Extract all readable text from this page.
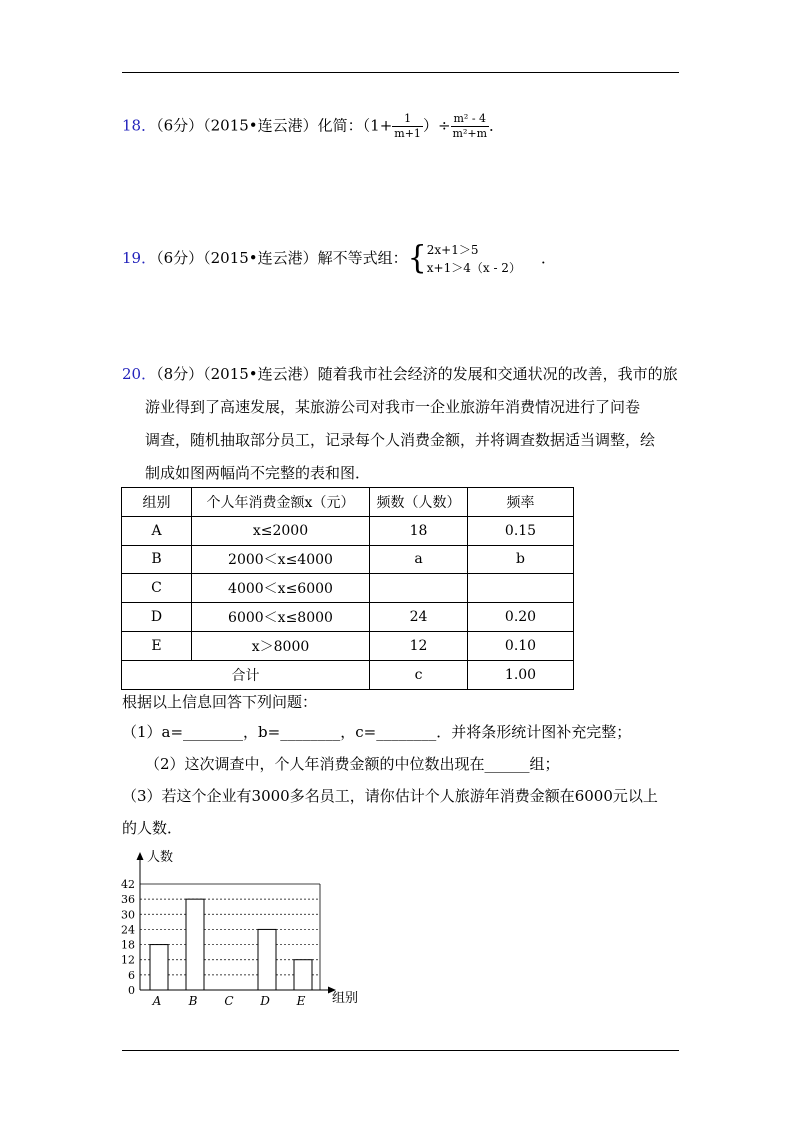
18．（6分）（2015•连云港）化简：（$1+ \frac{1}{m+1}$ ）÷ $\frac{\text{m² - 4}}{\text{m²+m}}$ ．
19．（6分）（2015•连云港）解不等式组：{ 2x+1＞5
x+1＞4（x - 2）
．
20．（8分）（2015•连云港）随着我市社会经济的发展和交通状况的改善，我市的旅
游业得到了高速发展，某旅游公司对我市一企业旅游年消费情况进行了问卷
调查，随机抽取部分员工，记录每个人消费金额，并将调查数据适当调整，绘
制成如图两幅尚不完整的表和图．
组别	个人年消费金额x（元）	频数（人数）	频率
A	x≤2000	18	0.15
B	2000＜x≤4000	a	b
C	4000＜x≤6000		
D	6000＜x≤8000	24	0.20
E	x＞8000	12	0.10
合计		c	1.00
根据以上信息回答下列问题：
（1）a=________，b=________，c=________．并将条形统计图补充完整；
（2）这次调查中，个人年消费金额的中位数出现在______组；
（3）若这个企业有3000多名员工，请你估计个人旅游年消费金额在6000元以上
的人数．
0
6
12
18
24
30
36
42
A B C D E
人数
组别
